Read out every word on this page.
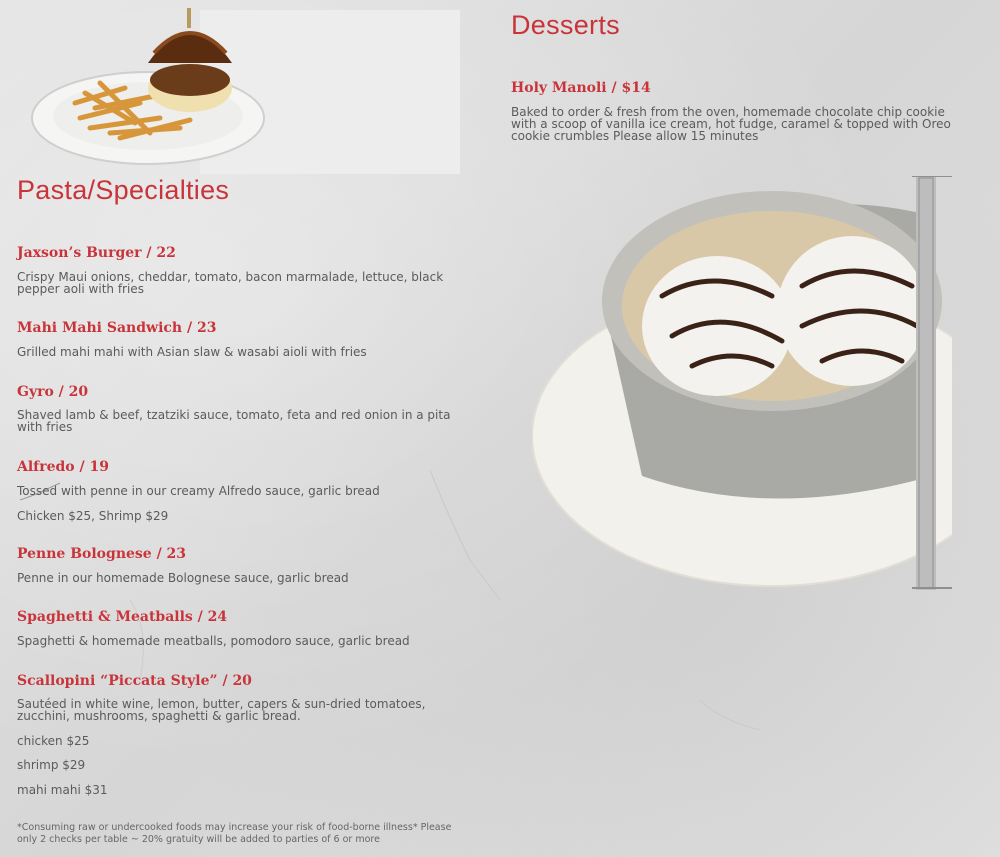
Pasta/Specialties
Jaxson’s Burger / 22
Crispy Maui onions, cheddar, tomato, bacon marmalade, lettuce, black pepper aoli with fries
Mahi Mahi Sandwich / 23
Grilled mahi mahi with Asian slaw & wasabi aioli with fries
Gyro / 20
Shaved lamb & beef, tzatziki sauce, tomato, feta and red onion in a pita with fries
Alfredo / 19
Tossed with penne in our creamy Alfredo sauce, garlic bread
Chicken $25, Shrimp $29
Penne Bolognese / 23
Penne in our homemade Bolognese sauce, garlic bread
Spaghetti & Meatballs / 24
Spaghetti & homemade meatballs, pomodoro sauce, garlic bread
Scallopini “Piccata Style” / 20
Sautéed in white wine, lemon, butter, capers & sun-dried tomatoes, zucchini, mushrooms, spaghetti & garlic bread.
chicken $25
shrimp $29
mahi mahi $31
*Consuming raw or undercooked foods may increase your risk of food-borne illness* Please only 2 checks per table ~ 20% gratuity will be added to parties of 6 or more
Desserts
Holy Manoli / $14
Baked to order & fresh from the oven, homemade chocolate chip cookie with a scoop of vanilla ice cream, hot fudge, caramel & topped with Oreo cookie crumbles Please allow 15 minutes
